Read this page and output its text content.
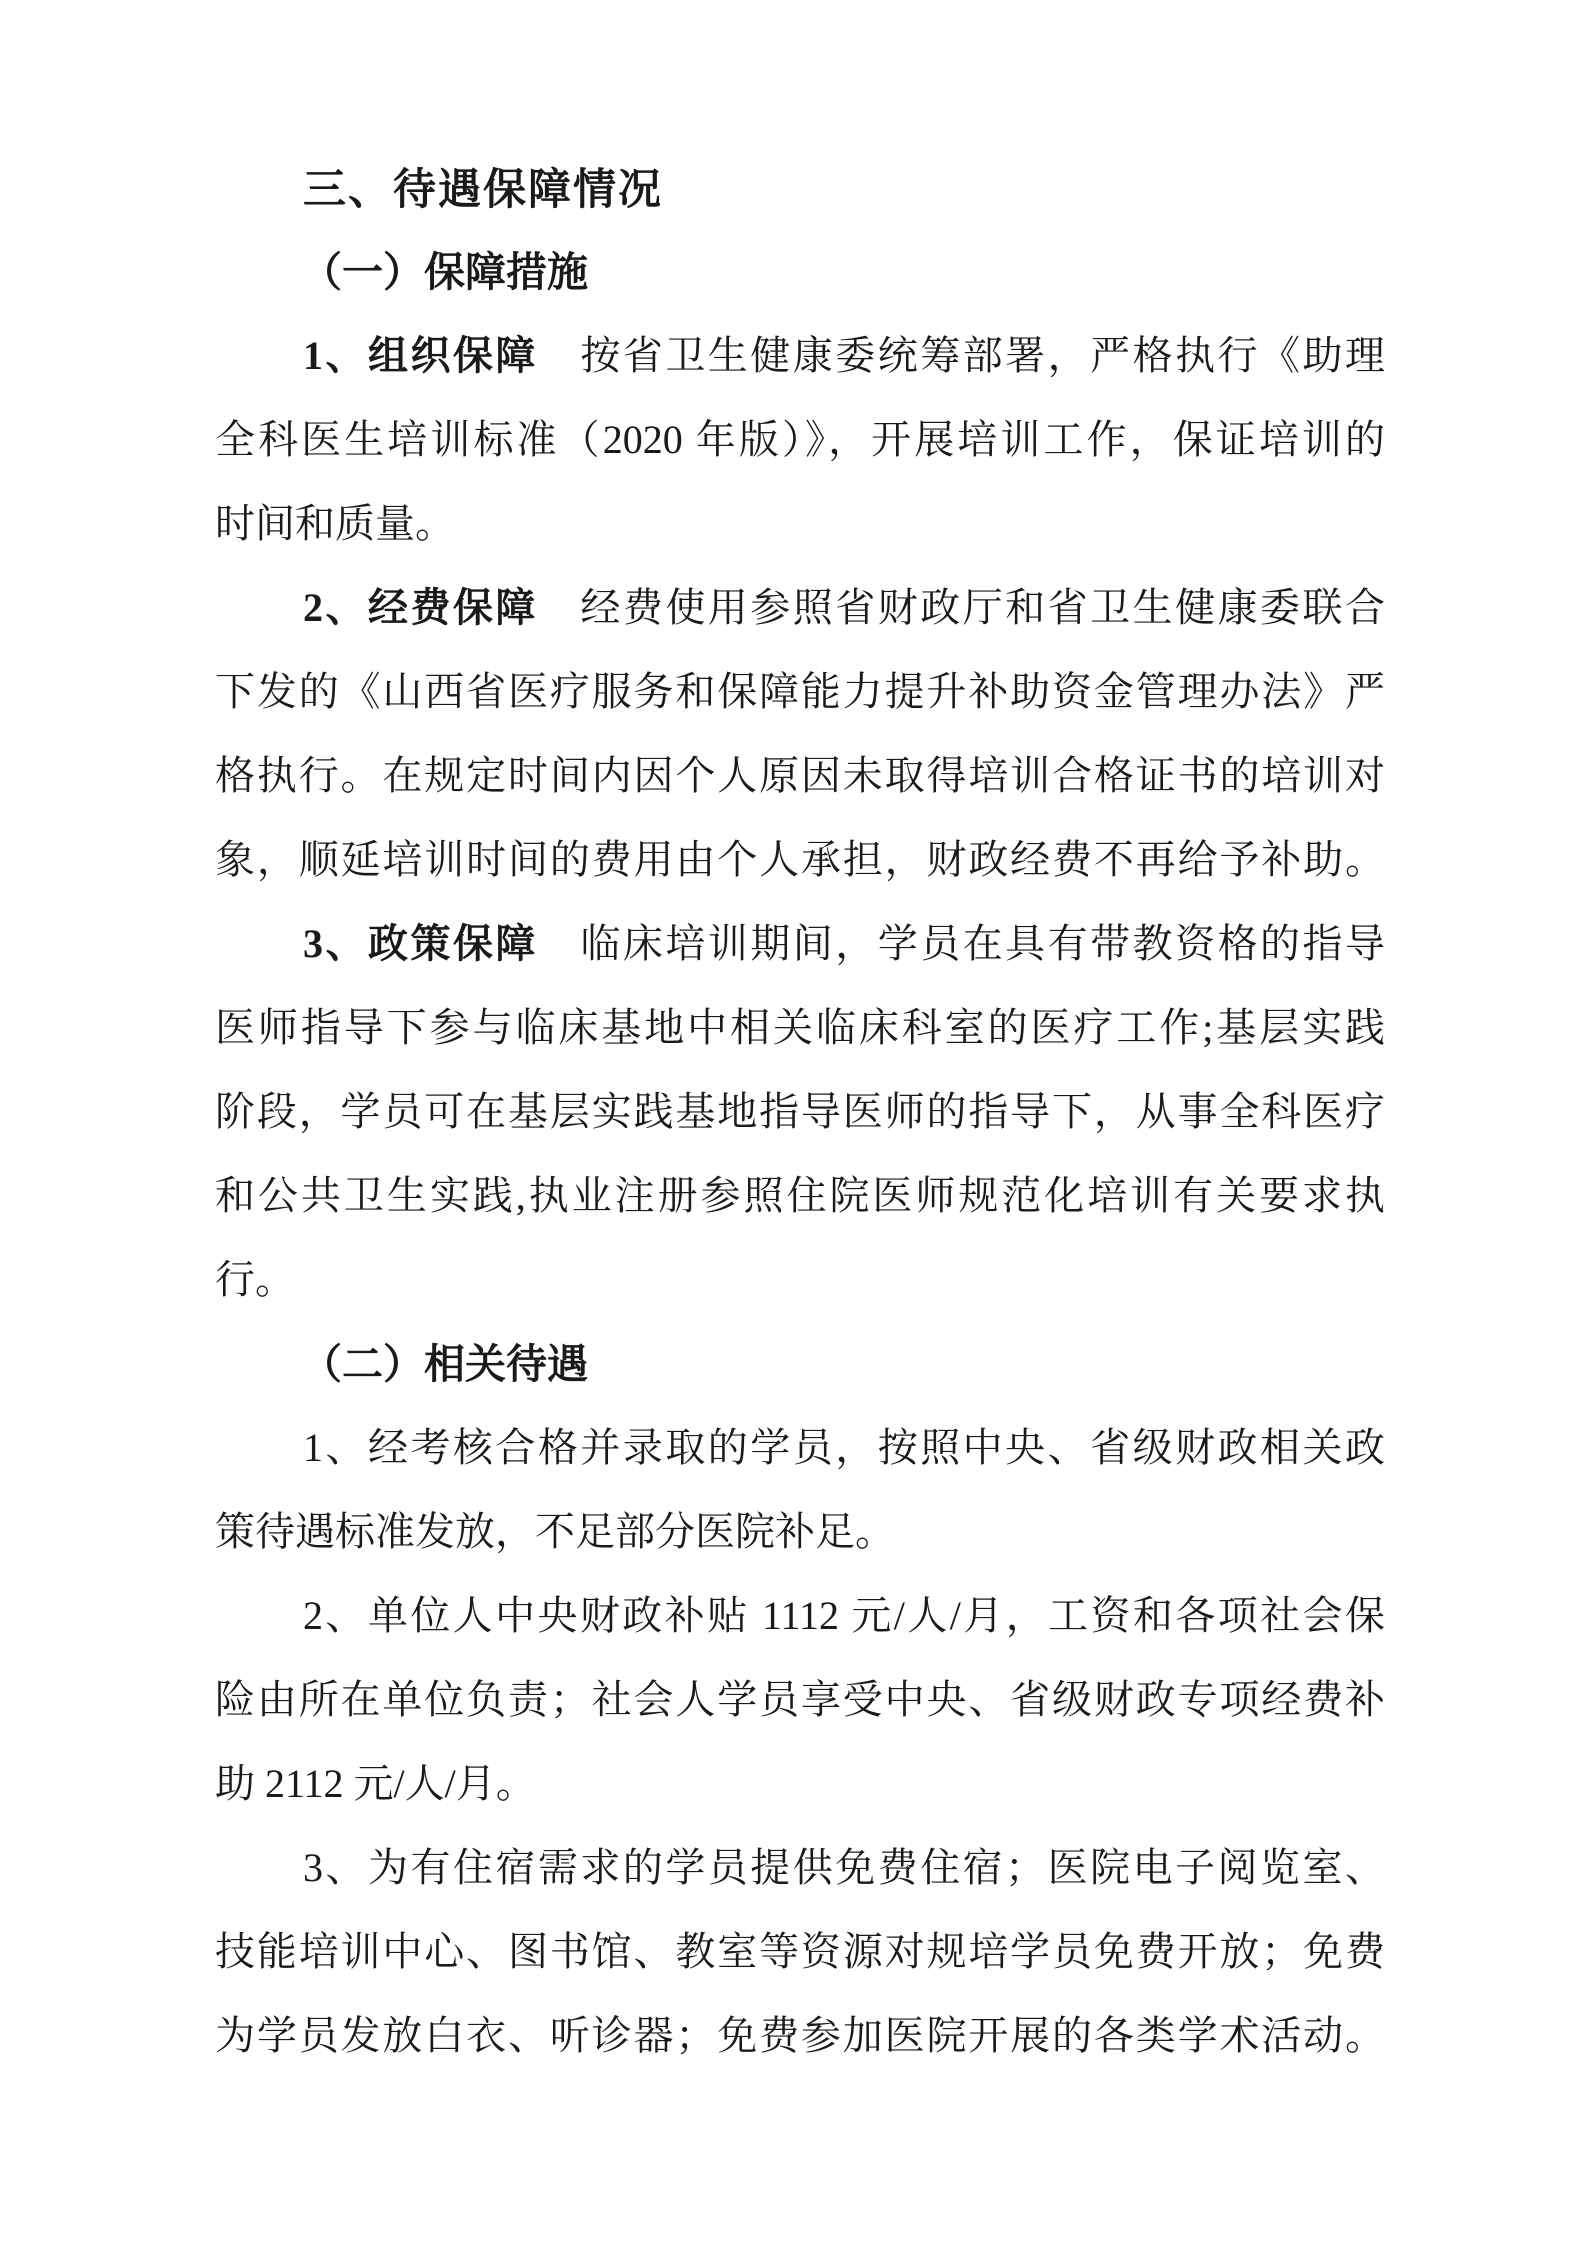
三、待遇保障情况
（一）保障措施
1、组织保障　按省卫生健康委统筹部署，严格执行《助理
全科医生培训标准（2020 年版）》，开展培训工作，保证培训的
时间和质量。
2、经费保障　经费使用参照省财政厅和省卫生健康委联合
下发的《山西省医疗服务和保障能力提升补助资金管理办法》严
格执行。在规定时间内因个人原因未取得培训合格证书的培训对
象，顺延培训时间的费用由个人承担，财政经费不再给予补助。
3、政策保障　临床培训期间，学员在具有带教资格的指导
医师指导下参与临床基地中相关临床科室的医疗工作;基层实践
阶段，学员可在基层实践基地指导医师的指导下，从事全科医疗
和公共卫生实践,执业注册参照住院医师规范化培训有关要求执
行。
（二）相关待遇
1、经考核合格并录取的学员，按照中央、省级财政相关政
策待遇标准发放，不足部分医院补足。
2、单位人中央财政补贴 1112 元/人/月，工资和各项社会保
险由所在单位负责；社会人学员享受中央、省级财政专项经费补
助 2112 元/人/月。
3、为有住宿需求的学员提供免费住宿；医院电子阅览室、
技能培训中心、图书馆、教室等资源对规培学员免费开放；免费
为学员发放白衣、听诊器；免费参加医院开展的各类学术活动。
